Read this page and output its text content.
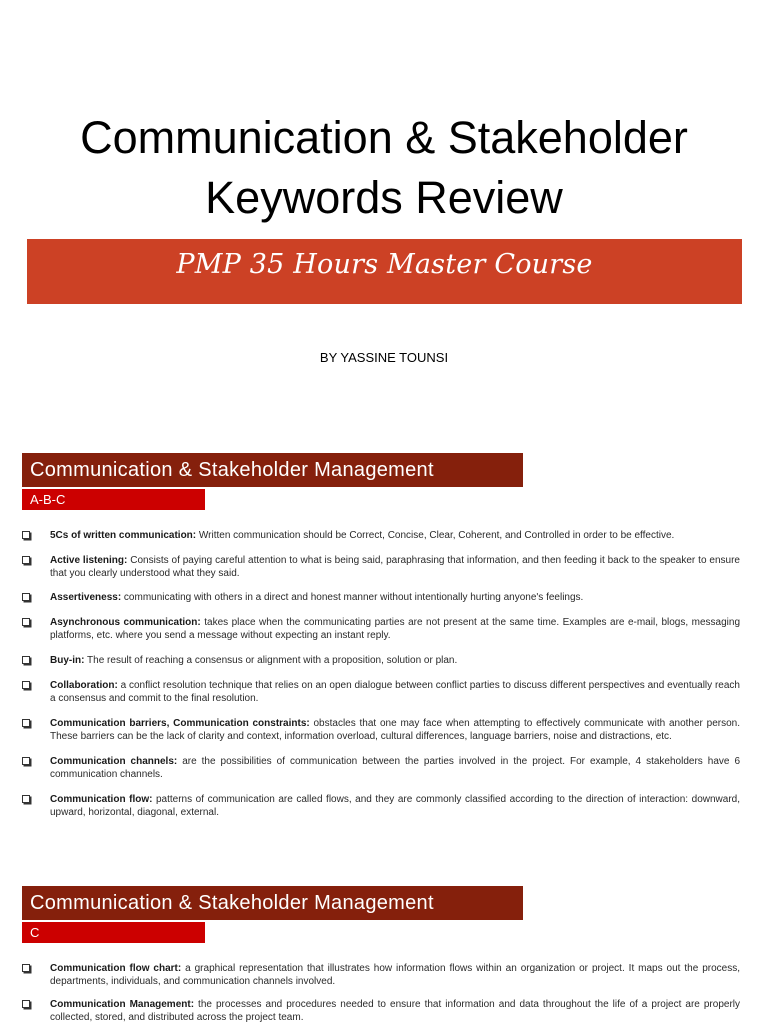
Communication & Stakeholder
Keywords Review
PMP 35 Hours Master Course
BY YASSINE TOUNSI
Communication & Stakeholder Management
A-B-C
5Cs of written communication: Written communication should be Correct, Concise, Clear, Coherent, and Controlled in order to be effective.
Active listening: Consists of paying careful attention to what is being said, paraphrasing that information, and then feeding it back to the speaker to ensure that you clearly understood what they said.
Assertiveness: communicating with others in a direct and honest manner without intentionally hurting anyone's feelings.
Asynchronous communication: takes place when the communicating parties are not present at the same time. Examples are e-mail, blogs, messaging platforms, etc. where you send a message without expecting an instant reply.
Buy-in: The result of reaching a consensus or alignment with a proposition, solution or plan.
Collaboration: a conflict resolution technique that relies on an open dialogue between conflict parties to discuss different perspectives and eventually reach a consensus and commit to the final resolution.
Communication barriers, Communication constraints: obstacles that one may face when attempting to effectively communicate with another person. These barriers can be the lack of clarity and context, information overload, cultural differences, language barriers, noise and distractions, etc.
Communication channels: are the possibilities of communication between the parties involved in the project. For example, 4 stakeholders have 6 communication channels.
Communication flow: patterns of communication are called flows, and they are commonly classified according to the direction of interaction: downward, upward, horizontal, diagonal, external.
Communication & Stakeholder Management
C
Communication flow chart: a graphical representation that illustrates how information flows within an organization or project. It maps out the process, departments, individuals, and communication channels involved.
Communication Management: the processes and procedures needed to ensure that information and data throughout the life of a project are properly collected, stored, and distributed across the project team.
